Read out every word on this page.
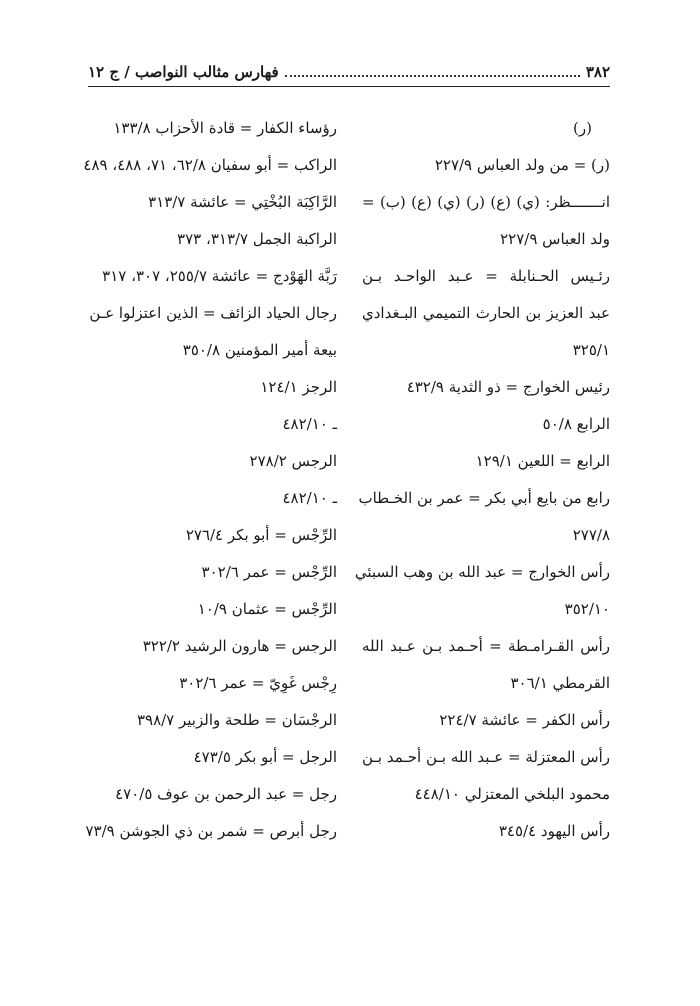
٣٨٢
فهارس مثالب النواصب / ج ١٢
(ر)
(ر) = من ولد العباس ٢٢٧/٩
انـــــــظر: (ي) (ع) (ر) (ي) (ع) (ب) =
ولد العباس ٢٢٧/٩
رئـيس الحـنابلة = عـبد الواحـد بـن
عبد العزيز بن الحارث التميمي البـغدادي
٣٢٥/١
رئيس الخوارج = ذو الثدية ٤٣٢/٩
الرابع ٥٠/٨
الرابع = اللعين ١٢٩/١
رابع من بايع أبي بكر = عمر بن الخـطاب
٢٧٧/٨
رأس الخوارج = عبد الله بن وهب السبئي
٣٥٢/١٠
رأس القـرامـطة = أحـمد بـن عـبد الله
القرمطي ٣٠٦/١
رأس الكفر = عائشة ٢٢٤/٧
رأس المعتزلة = عـبد الله بـن أحـمد بـن
محمود البلخي المعتزلي ٤٤٨/١٠
رأس اليهود ٣٤٥/٤
رؤساء الكفار = قادة الأحزاب ١٣٣/٨
الراكب = أبو سفيان ٦٢/٨، ٧١، ٤٨٨، ٤٨٩
الرَّاكِبَة البُخْتِي = عائشة ٣١٣/٧
الراكبة الجمل ٣١٣/٧، ٣٧٣
رَبَّة الهَوْدج = عائشة ٢٥٥/٧، ٣٠٧، ٣١٧
رجال الحياد الزائف = الذين اعتزلوا عـن
بيعة أمير المؤمنين ٣٥٠/٨
الرجز ١٢٤/١
ـ ٤٨٢/١٠
الرجس ٢٧٨/٢
ـ ٤٨٢/١٠
الرِّجْس = أبو بكر ٢٧٦/٤
الرِّجْس = عمر ٣٠٢/٦
الرِّجْس = عثمان ١٠/٩
الرجس = هارون الرشيد ٣٢٢/٢
رِجْس غَوِيّ = عمر ٣٠٢/٦
الرجْسَان = طلحة والزبير ٣٩٨/٧
الرجل = أبو بكر ٤٧٣/٥
رجل = عبد الرحمن بن عوف ٤٧٠/٥
رجل أبرص = شمر بن ذي الجوشن ٧٣/٩
